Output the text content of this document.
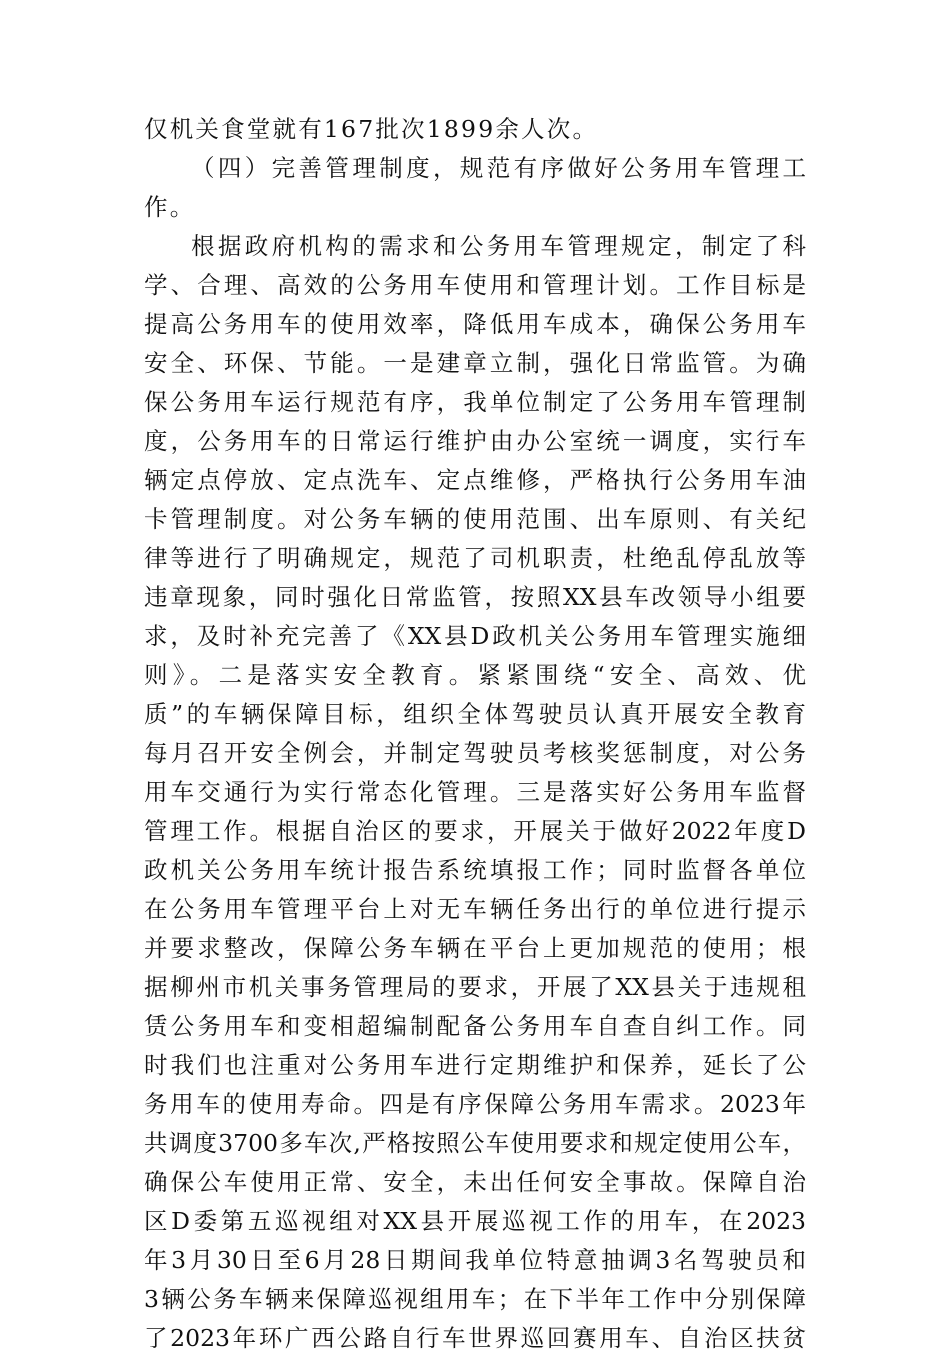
仅机关食堂就有167批次1899余人次。
（四）完善管理制度，规范有序做好公务用车管理工
作。
根据政府机构的需求和公务用车管理规定，制定了科
学、合理、高效的公务用车使用和管理计划。工作目标是
提高公务用车的使用效率，降低用车成本，确保公务用车
安全、环保、节能。一是建章立制，强化日常监管。为确
保公务用车运行规范有序，我单位制定了公务用车管理制
度，公务用车的日常运行维护由办公室统一调度，实行车
辆定点停放、定点洗车、定点维修，严格执行公务用车油
卡管理制度。对公务车辆的使用范围、出车原则、有关纪
律等进行了明确规定，规范了司机职责，杜绝乱停乱放等
违章现象，同时强化日常监管，按照XX县车改领导小组要
求，及时补充完善了《XX县D政机关公务用车管理实施细
则》。二是落实安全教育。紧紧围绕“安全、高效、优
质”的车辆保障目标，组织全体驾驶员认真开展安全教育
每月召开安全例会，并制定驾驶员考核奖惩制度，对公务
用车交通行为实行常态化管理。三是落实好公务用车监督
管理工作。根据自治区的要求，开展关于做好2022年度D
政机关公务用车统计报告系统填报工作；同时监督各单位
在公务用车管理平台上对无车辆任务出行的单位进行提示
并要求整改，保障公务车辆在平台上更加规范的使用；根
据柳州市机关事务管理局的要求，开展了XX县关于违规租
赁公务用车和变相超编制配备公务用车自查自纠工作。同
时我们也注重对公务用车进行定期维护和保养，延长了公
务用车的使用寿命。四是有序保障公务用车需求。2023年
共调度3700多车次,严格按照公车使用要求和规定使用公车，
确保公车使用正常、安全，未出任何安全事故。保障自治
区D委第五巡视组对XX县开展巡视工作的用车，在2023
年3月30日至6月28日期间我单位特意抽调3名驾驶员和
3辆公务车辆来保障巡视组用车；在下半年工作中分别保障
了2023年环广西公路自行车世界巡回赛用车、自治区扶贫
